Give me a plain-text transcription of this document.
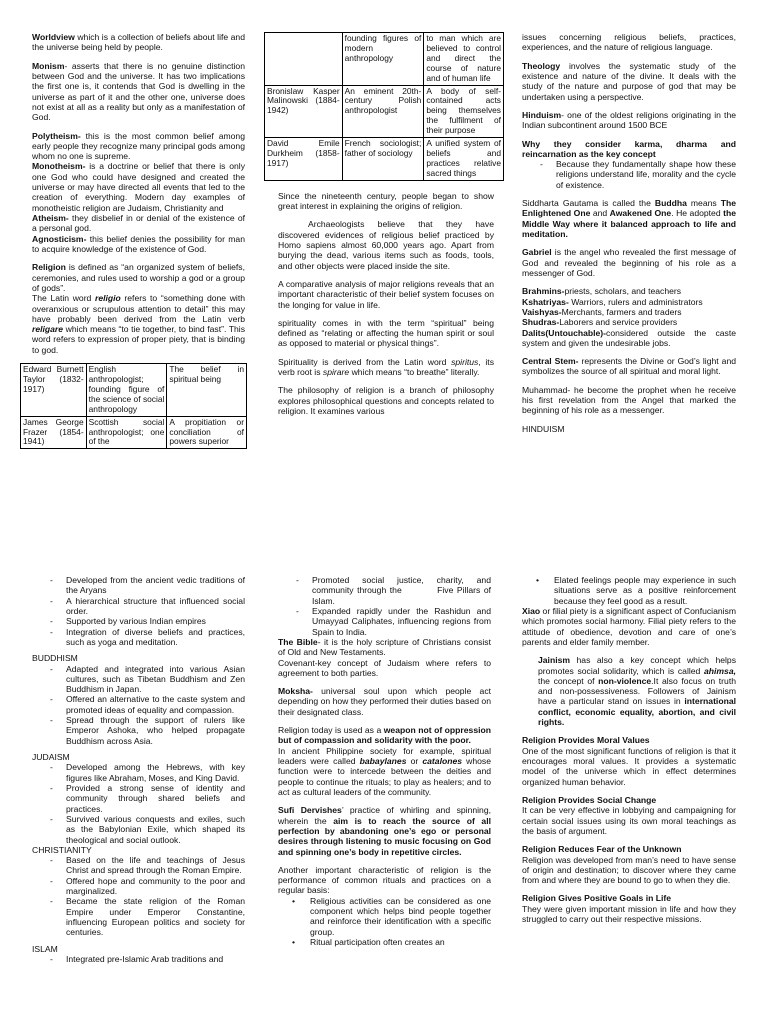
Worldview which is a collection of beliefs about life and the universe being held by people.

Monism- asserts that there is no genuine distinction between God and the universe. It has two implications the first one is, it contends that God is dwelling in the universe as part of it and the other one, universe does not exist at all as a reality but only as a manifestation of God.

Polytheism- this is the most common belief among early people they recognize many principal gods among whom no one is supreme.

Monotheism- is a doctrine or belief that there is only one God who could have designed and created the universe or may have directed all events that led to the creation of everything. Modern day examples of monotheistic religion are Judaism, Christianity and

Atheism- they disbelief in or denial of the existence of a personal god.

Agnosticism- this belief denies the possibility for man to acquire knowledge of the existence of God.

Religion is defined as “an organized system of beliefs, ceremonies, and rules used to worship a god or a group of gods”.

The Latin word religio refers to “something done with overanxious or scrupulous attention to detail” this may have probably been derived from the Latin verb religare which means “to tie together, to bind fast”. This word refers to expression of proper piety, that is binding to god.

Edward Burnett Taylor (1832-1917)	English anthropologist; founding figure of the science of social anthropology	The belief in spiritual being
James George Frazer (1854-1941)	Scottish social anthropologist; one of the	A propitiation or conciliation of powers superior
	founding figures of modern anthropology	to man which are believed to control and direct the course of nature and of human life
Bronislaw Kasper Malinowski (1884-1942)	An eminent 20th-century Polish anthropologist	A body of self-contained acts being themselves the fulfilment of their purpose
David Emile Durkheim (1858- 1917)	French sociologist; father of sociology	A unified system of beliefs and practices relative sacred things

Since the nineteenth century, people began to show great interest in explaining the origins of religion.

Archaeologists believe that they have discovered evidences of religious belief practiced by Homo sapiens almost 60,000 years ago. Apart from burying the dead, various items such as foods, tools, and other objects were placed inside the site.

A comparative analysis of major religions reveals that an important characteristic of their belief system focuses on the longing for value in life.

spirituality comes in with the term “spiritual” being defined as “relating or affecting the human spirit or soul as opposed to material or physical things”.

Spirituality is derived from the Latin word spiritus, its verb root is spirare which means “to breathe” literally.

The philosophy of religion is a branch of philosophy explores philosophical questions and concepts related to religion. It examines various

issues concerning religious beliefs, practices, experiences, and the nature of religious language.

Theology involves the systematic study of the existence and nature of the divine. It deals with the study of the nature and purpose of god that may be undertaken using a perspective.

Hinduism- one of the oldest religions originating in the Indian subcontinent around 1500 BCE

Why they consider karma, dharma and reincarnation as the key concept

- Because they fundamentally shape how these religions understand life, morality and the cycle of existence.

Siddharta Gautama is called the Buddha means The Enlightened One and Awakened One. He adopted the Middle Way where it balanced approach to life and meditation.

Gabriel is the angel who revealed the first message of God and revealed the beginning of his role as a messenger of God.

Brahmins-priests, scholars, and teachers

Kshatriyas- Warriors, rulers and administrators

Vaishyas-Merchants, farmers and traders

Shudras-Laborers and service providers

Dalits(Untouchable)-considered outside the caste system and given the undesirable jobs.

Central Stem- represents the Divine or God’s light and symbolizes the source of all spiritual and moral light.

Muhammad- he become the prophet when he receive his first revelation from the Angel that marked the beginning of his role as a messenger.

HINDUISM

- Developed from the ancient vedic traditions of the Aryans
- A hierarchical structure that influenced social order.
- Supported by various Indian empires
- Integration of diverse beliefs and practices, such as yoga and meditation.
BUDDHISM
- Adapted and integrated into various Asian cultures, such as Tibetan Buddhism and Zen Buddhism in Japan.
- Offered an alternative to the caste system and promoted ideas of equality and compassion.
- Spread through the support of rulers like Emperor Ashoka, who helped propagate Buddhism across Asia.
JUDAISM
- Developed among the Hebrews, with key figures like Abraham, Moses, and King David.
- Provided a strong sense of identity and community through shared beliefs and practices.
- Survived various conquests and exiles, such as the Babylonian Exile, which shaped its theological and social outlook.
CHRISTIANITY
- Based on the life and teachings of Jesus Christ and spread through the Roman Empire.
- Offered hope and community to the poor and marginalized.
- Became the state religion of the Roman Empire under Emperor Constantine, influencing European politics and society for centuries.
ISLAM
- Integrated pre-Islamic Arab traditions and
- Promoted social justice, charity, and community through the          Five Pillars of Islam.
- Expanded rapidly under the Rashidun and Umayyad Caliphates, influencing regions from Spain to India.

The Bible- it is the holy scripture of Christians consist of Old and New Testaments.

Covenant-key concept of Judaism where refers to agreement to both parties.

Moksha- universal soul upon which people act depending on how they performed their duties based on their designated class.

Religion today is used as a weapon not of oppression but of compassion and solidarity with the poor.

In ancient Philippine society for example, spiritual leaders were called babaylanes or catalones whose function were to intercede between the deities and people to continue the rituals; to play as healers; and to act as cultural leaders of the community.

Sufi Dervishes’ practice of whirling and spinning, wherein the aim is to reach the source of all perfection by abandoning one’s ego or personal desires through listening to music focusing on God and spinning one’s body in repetitive circles.

Another important characteristic of religion is the performance of common rituals and practices on a regular basis:

• Religious activities can be considered as one component which helps bind people together and reinforce their identification with a specific group.
• Ritual participation often creates an
• Elated feelings people may experience in such situations serve as a positive reinforcement because they feel good as a result.

Xiao or filial piety is a significant aspect of Confucianism which promotes social harmony. Filial piety refers to the attitude of obedience, devotion and care of one’s parents and elder family member.

Jainism has also a key concept which helps promotes social solidarity, which is called ahimsa, the concept of non-violence.It also focus on truth and non-possessiveness. Followers of Jainism have a particular stand on issues in international conflict, economic equality, abortion, and civil rights.

Religion Provides Moral Values

One of the most significant functions of religion is that it encourages moral values. It provides a systematic model of the universe which in effect determines organized human behavior.

Religion Provides Social Change

It can be very effective in lobbying and campaigning for certain social issues using its own moral teachings as the basis of argument.

Religion Reduces Fear of the Unknown

Religion was developed from man’s need to have sense of origin and destination; to discover where they came from and where they are bound to go to when they die.

Religion Gives Positive Goals in Life

They were given important mission in life and how they struggled to carry out their respective missions.
